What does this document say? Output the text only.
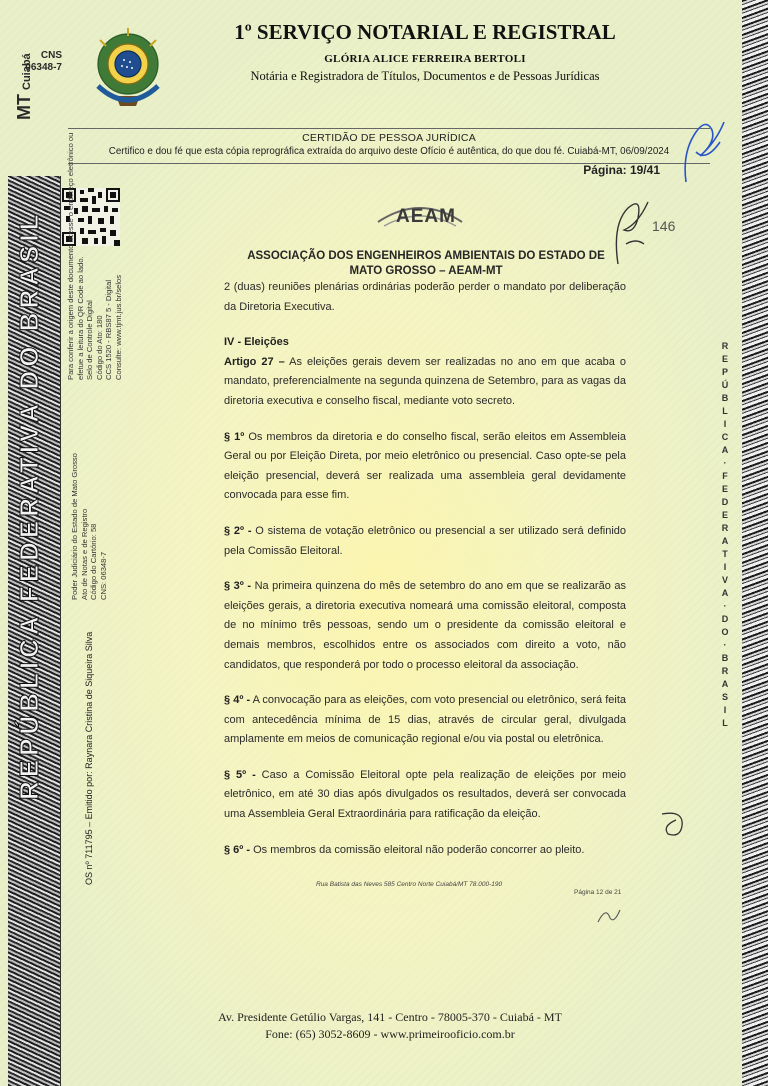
CNS
06348-7
MTCuiabá
REPÚBLICA FEDERATIVA DO BRASIL	R
E
P
Ú
B
L
I
C
A
·
F
E
D
E
R
A
T
I
V
A
·
D
O
·
B
R
A
S
I
L
1º SERVIÇO NOTARIAL E REGISTRAL
GLÓRIA ALICE FERREIRA BERTOLI
Notária e Registradora de Títulos, Documentos e de Pessoas Jurídicas
CERTIDÃO DE PESSOA JURÍDICA
Certifico e dou fé que esta cópia reprográfica extraída do arquivo deste Ofício é autêntica, do que dou fé. Cuiabá-MT, 06/09/2024
Página: 19/41
Para conferir a origem deste documento acesse o endereço eletrônico ou efetue a leitura do QR Code ao lado. Selo de Controle Digital Código do Ato: 180 CCS 1520 - RBS87 5 - Digital Consulte: www.tjmt.jus.br/selos
Poder Judiciário do Estado de Mato Grosso Ato de Notas e de Registro Código do Cartório: 58 CNS: 06348-7
OS nº 711795 – Emitido por: Raynara Cristina de Siqueira Silva
AEAM
ASSOCIAÇÃO DOS ENGENHEIROS AMBIENTAIS DO ESTADO DE MATO GROSSO – AEAM-MT

2 (duas) reuniões plenárias ordinárias poderão perder o mandato por deliberação da Diretoria Executiva.

IV - Eleições

Artigo 27 – As eleições gerais devem ser realizadas no ano em que acaba o mandato, preferencialmente na segunda quinzena de Setembro, para as vagas da diretoria executiva e conselho fiscal, mediante voto secreto.

§ 1º Os membros da diretoria e do conselho fiscal, serão eleitos em Assembleia Geral ou por Eleição Direta, por meio eletrônico ou presencial. Caso opte-se pela eleição presencial, deverá ser realizada uma assembleia geral devidamente convocada para esse fim.

§ 2º - O sistema de votação eletrônico ou presencial a ser utilizado será definido pela Comissão Eleitoral.

§ 3º - Na primeira quinzena do mês de setembro do ano em que se realizarão as eleições gerais, a diretoria executiva nomeará uma comissão eleitoral, composta de no mínimo três pessoas, sendo um o presidente da comissão eleitoral e demais membros, escolhidos entre os associados com direito a voto, não candidatos, que responderá por todo o processo eleitoral da associação.

§ 4º - A convocação para as eleições, com voto presencial ou eletrônico, será feita com antecedência mínima de 15 dias, através de circular geral, divulgada amplamente em meios de comunicação regional e/ou via postal ou eletrônica.

§ 5º - Caso a Comissão Eleitoral opte pela realização de eleições por meio eletrônico, em até 30 dias após divulgados os resultados, deverá ser convocada uma Assembleia Geral Extraordinária para ratificação da eleição.

§ 6º - Os membros da comissão eleitoral não poderão concorrer ao pleito.

Rua Batista das Neves 585 Centro Norte Cuiabá/MT 78.000-190
Página 12 de 21
146
Av. Presidente Getúlio Vargas, 141 - Centro - 78005-370 - Cuiabá - MT
Fone: (65) 3052-8609 - www.primeirooficio.com.br
